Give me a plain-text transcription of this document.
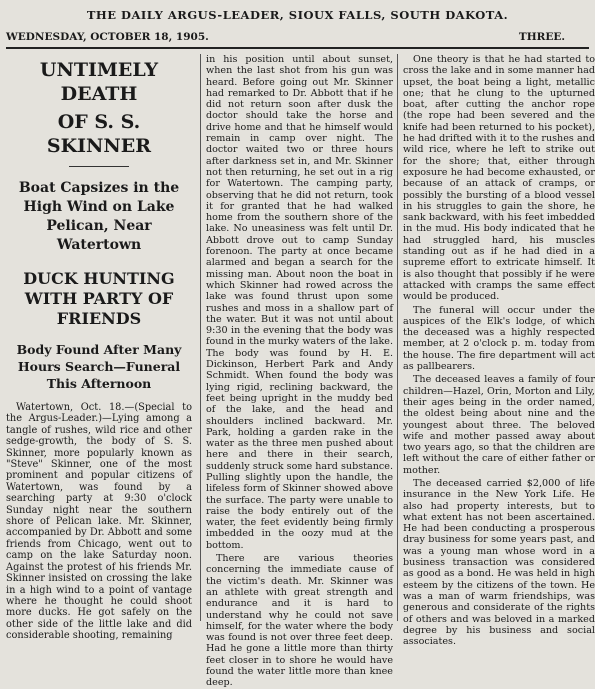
THE DAILY ARGUS-LEADER, SIOUX FALLS, SOUTH DAKOTA.
WEDNESDAY, OCTOBER 18, 1905.	THREE.
UNTIMELY DEATH
OF S. S. SKINNER
Boat Capsizes in the High Wind on Lake Pelican, Near Watertown
DUCK HUNTING WITH PARTY OF FRIENDS
Body Found After Many Hours Search—Funeral This Afternoon

Watertown, Oct. 18.—(Special to the Argus-Leader.)—Lying among a tangle of rushes, wild rice and other sedge-growth, the body of S. S. Skinner, more popularly known as "Steve" Skinner, one of the most prominent and popular citizens of Watertown, was found by a searching party at 9:30 o'clock Sunday night near the southern shore of Pelican lake. Mr. Skinner, accompanied by Dr. Abbott and some friends from Chicago, went out to camp on the lake Saturday noon. Against the protest of his friends Mr. Skinner insisted on crossing the lake in a high wind to a point of vantage where he thought he could shoot more ducks. He got safely on the other side of the little lake and did considerable shooting, remaining

in his position until about sunset, when the last shot from his gun was heard. Before going out Mr. Skinner had remarked to Dr. Abbott that if he did not return soon after dusk the doctor should take the horse and drive home and that he himself would remain in camp over night. The doctor waited two or three hours after darkness set in, and Mr. Skinner not then returning, he set out in a rig for Watertown. The camping party, observing that he did not return, took it for granted that he had walked home from the southern shore of the lake. No uneasiness was felt until Dr. Abbott drove out to camp Sunday forenoon. The party at once became alarmed and began a search for the missing man. About noon the boat in which Skinner had rowed across the lake was found thrust upon some rushes and moss in a shallow part of the water. But it was not until about 9:30 in the evening that the body was found in the murky waters of the lake. The body was found by H. E. Dickinson, Herbert Park and Andy Schmidt. When found the body was lying rigid, reclining backward, the feet being upright in the muddy bed of the lake, and the head and shoulders inclined backward. Mr. Park, holding a garden rake in the water as the three men pushed about here and there in their search, suddenly struck some hard substance. Pulling slightly upon the handle, the lifeless form of Skinner showed above the surface. The party were unable to raise the body entirely out of the water, the feet evidently being firmly imbedded in the oozy mud at the bottom.

There are various theories concerning the immediate cause of the victim's death. Mr. Skinner was an athlete with great strength and endurance and it is hard to understand why he could not save himself, for the water where the body was found is not over three feet deep. Had he gone a little more than thirty feet closer in to shore he would have found the water little more than knee deep.

One theory is that he had started to cross the lake and in some manner had upset, the boat being a light, metallic one; that he clung to the upturned boat, after cutting the anchor rope (the rope had been severed and the knife had been returned to his pocket), he had drifted with it to the rushes and wild rice, where he left to strike out for the shore; that, either through exposure he had become exhausted, or because of an attack of cramps, or possibly the bursting of a blood vessel in his struggles to gain the shore, he sank backward, with his feet imbedded in the mud. His body indicated that he had struggled hard, his muscles standing out as if he had died in a supreme effort to extricate himself. It is also thought that possibly if he were attacked with cramps the same effect would be produced.

The funeral will occur under the auspices of the Elk's lodge, of which the deceased was a highly respected member, at 2 o'clock p. m. today from the house. The fire department will act as pallbearers.

The deceased leaves a family of four children—Hazel, Orin, Morton and Lily, their ages being in the order named, the oldest being about nine and the youngest about three. The beloved wife and mother passed away about two years ago, so that the children are left without the care of either father or mother.

The deceased carried $2,000 of life insurance in the New York Life. He also had property interests, but to what extent has not been ascertained. He had been conducting a prosperous dray business for some years past, and was a young man whose word in a business transaction was considered as good as a bond. He was held in high esteem by the citizens of the town. He was a man of warm friendships, was generous and considerate of the rights of others and was beloved in a marked degree by his business and social associates.
